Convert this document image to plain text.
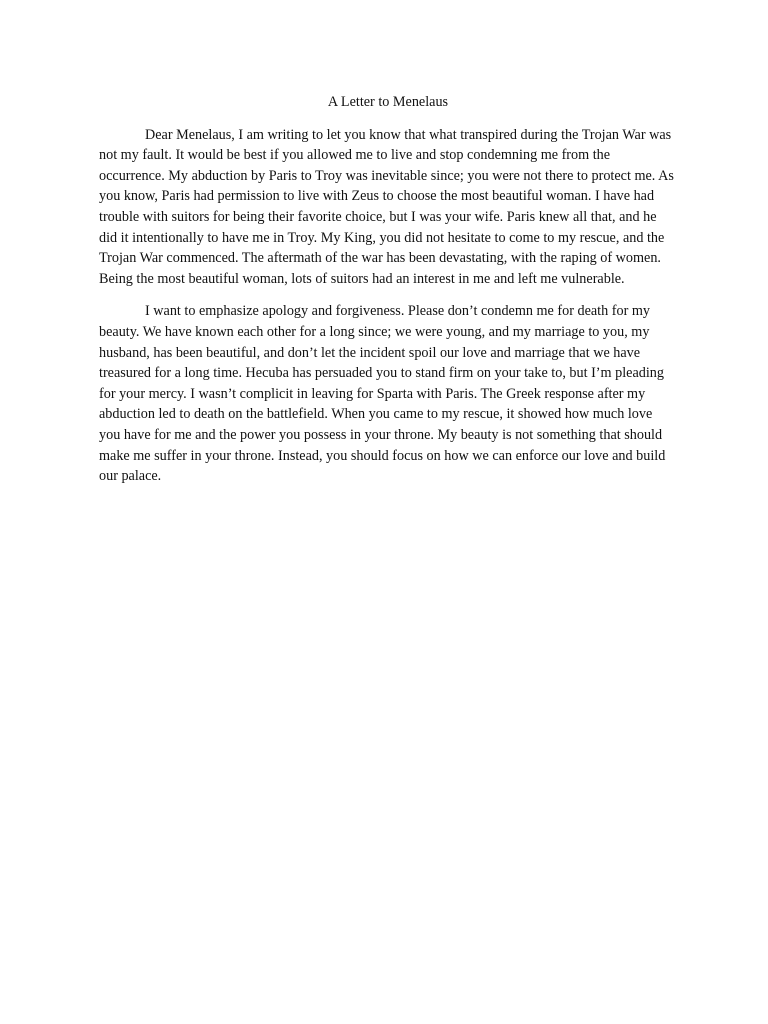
A Letter to Menelaus

Dear Menelaus, I am writing to let you know that what transpired during the Trojan War was not my fault. It would be best if you allowed me to live and stop condemning me from the occurrence. My abduction by Paris to Troy was inevitable since; you were not there to protect me. As you know, Paris had permission to live with Zeus to choose the most beautiful woman. I have had trouble with suitors for being their favorite choice, but I was your wife. Paris knew all that, and he did it intentionally to have me in Troy. My King, you did not hesitate to come to my rescue, and the Trojan War commenced. The aftermath of the war has been devastating, with the raping of women. Being the most beautiful woman, lots of suitors had an interest in me and left me vulnerable.

I want to emphasize apology and forgiveness. Please don’t condemn me for death for my beauty. We have known each other for a long since; we were young, and my marriage to you, my husband, has been beautiful, and don’t let the incident spoil our love and marriage that we have treasured for a long time. Hecuba has persuaded you to stand firm on your take to, but I’m pleading for your mercy. I wasn’t complicit in leaving for Sparta with Paris. The Greek response after my abduction led to death on the battlefield. When you came to my rescue, it showed how much love you have for me and the power you possess in your throne. My beauty is not something that should make me suffer in your throne. Instead, you should focus on how we can enforce our love and build our palace.
